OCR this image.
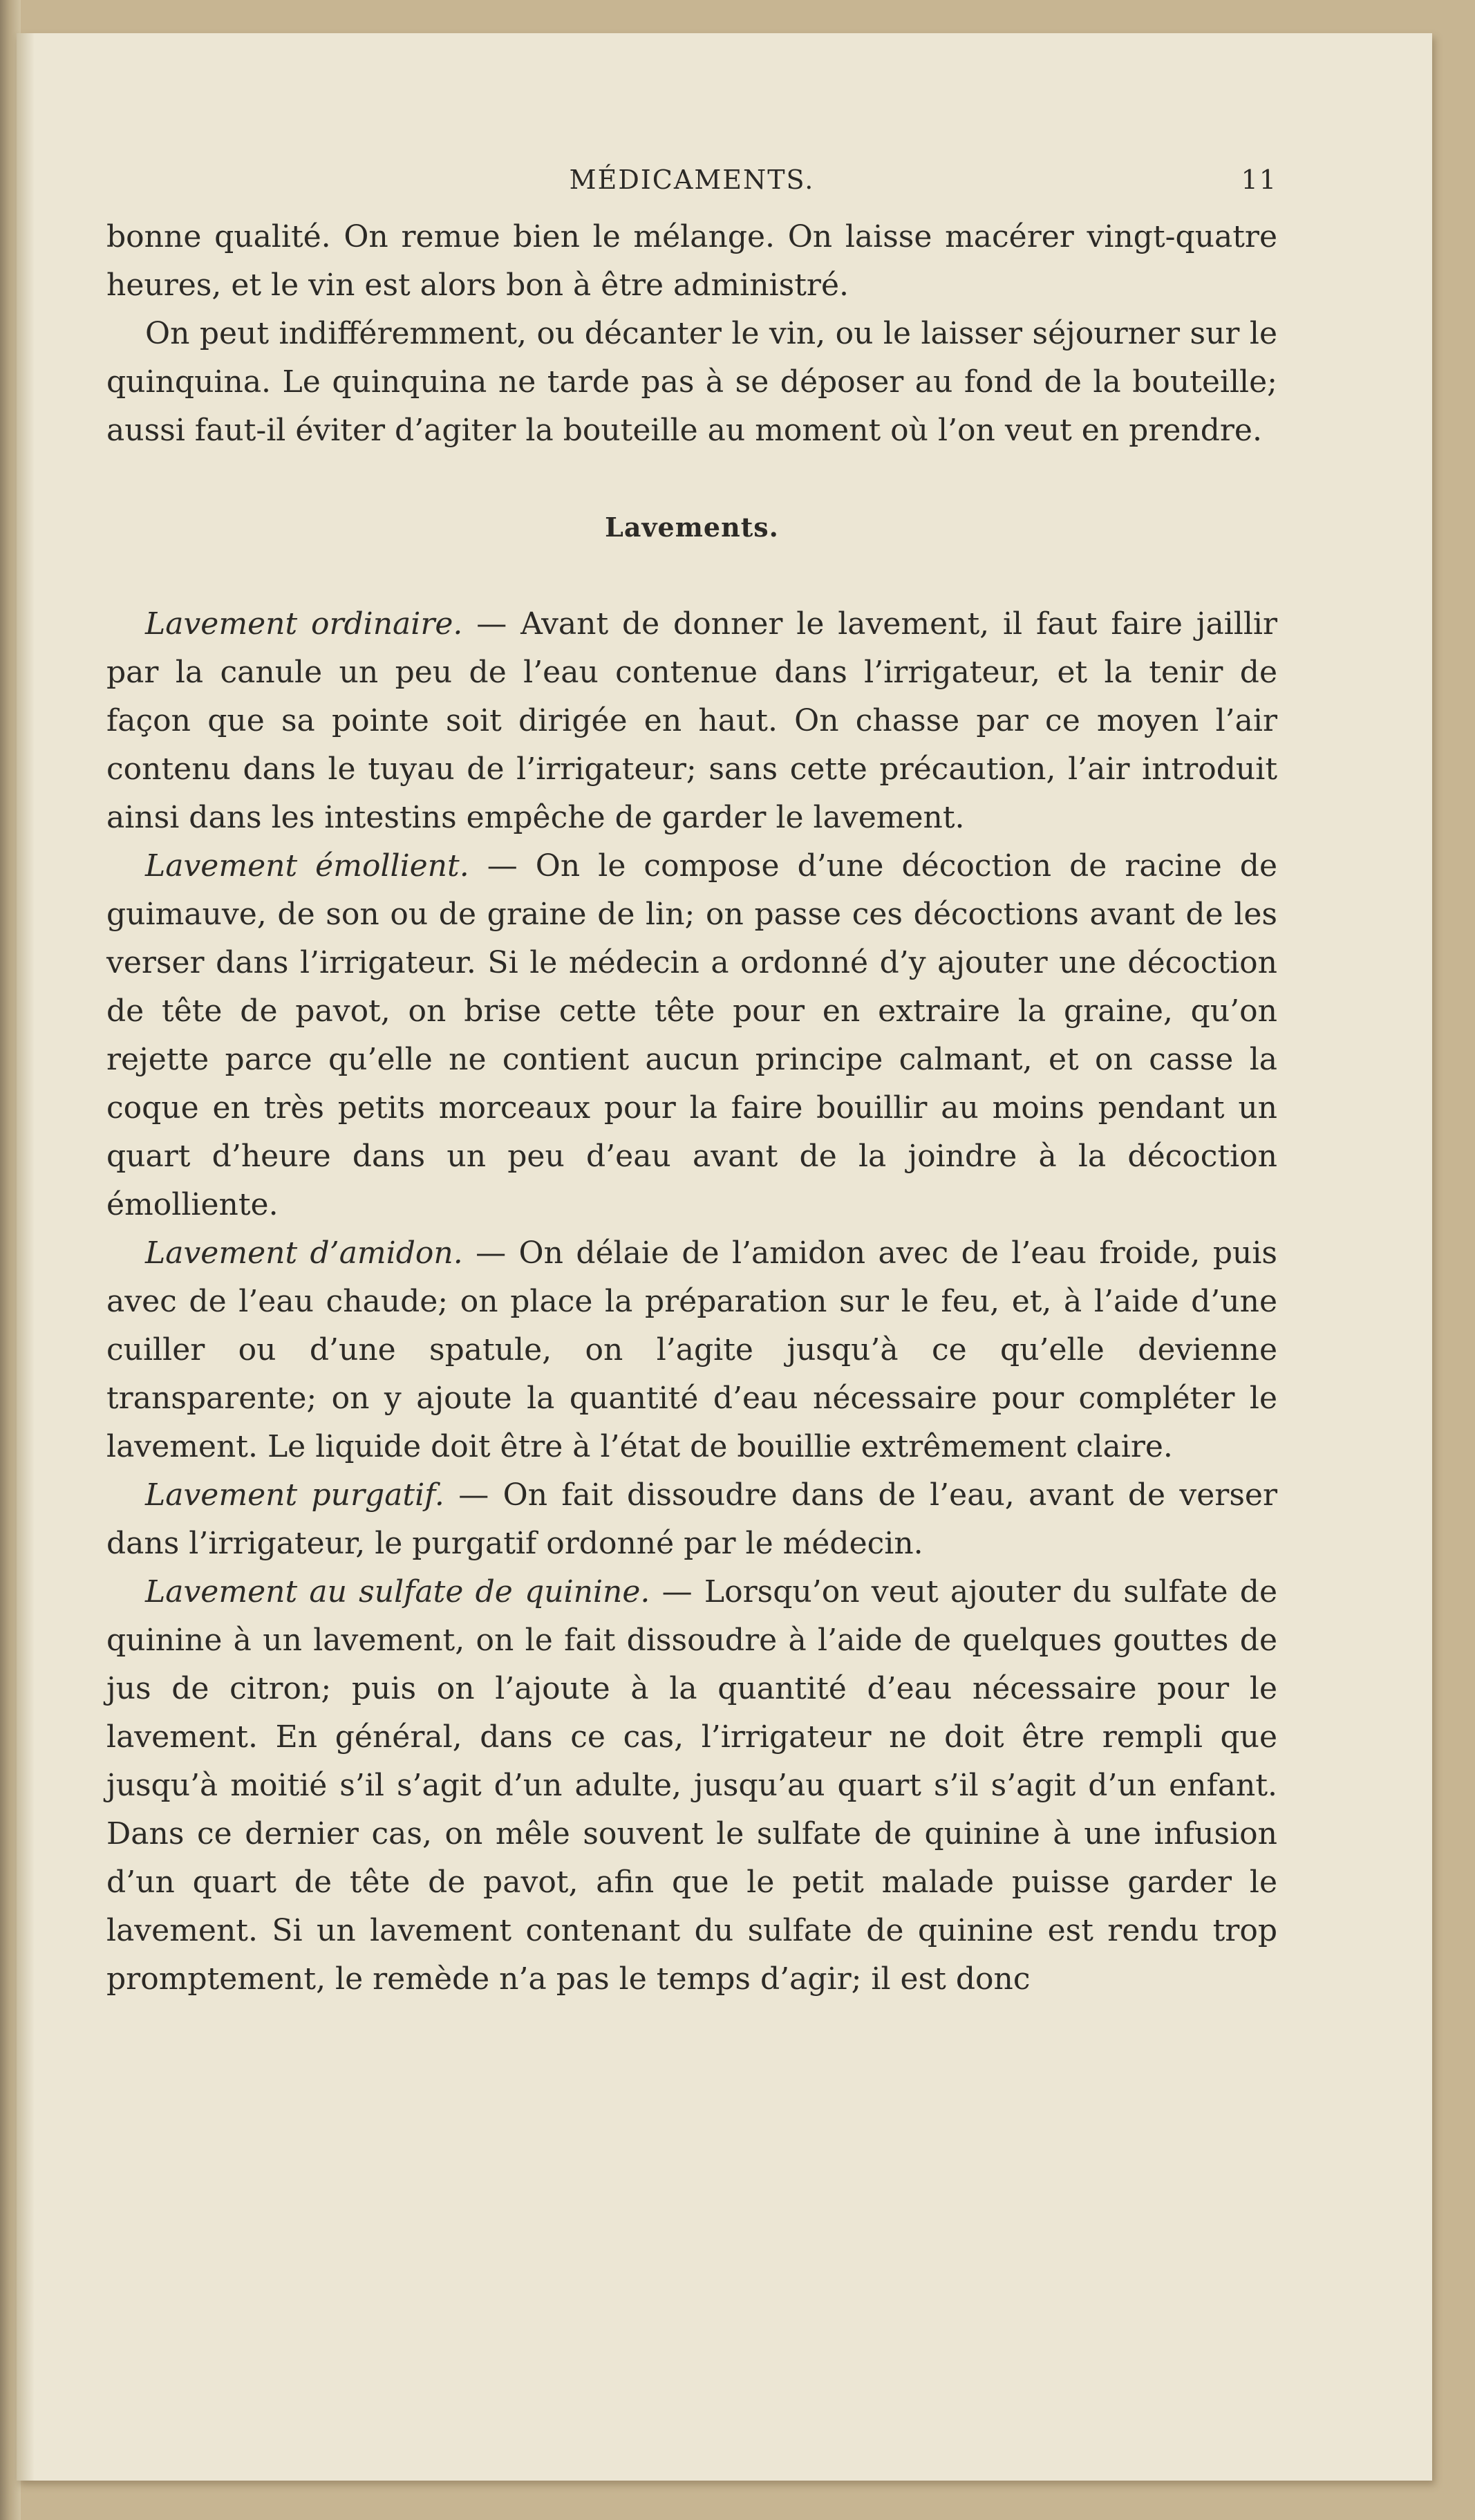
MÉDICAMENTS.	11

bonne qualité. On remue bien le mélange. On laisse macérer vingt-quatre heures, et le vin est alors bon à être administré.

On peut indifféremment, ou décanter le vin, ou le laisser séjourner sur le quinquina. Le quinquina ne tarde pas à se déposer au fond de la bouteille; aussi faut-il éviter d’agiter la bouteille au moment où l’on veut en prendre.

Lavements.

Lavement ordinaire. — Avant de donner le lavement, il faut faire jaillir par la canule un peu de l’eau contenue dans l’irrigateur, et la tenir de façon que sa pointe soit dirigée en haut. On chasse par ce moyen l’air contenu dans le tuyau de l’irrigateur; sans cette précaution, l’air introduit ainsi dans les intestins empêche de garder le lavement.

Lavement émollient. — On le compose d’une décoction de racine de guimauve, de son ou de graine de lin; on passe ces décoctions avant de les verser dans l’irrigateur. Si le médecin a ordonné d’y ajouter une décoction de tête de pavot, on brise cette tête pour en extraire la graine, qu’on rejette parce qu’elle ne contient aucun principe calmant, et on casse la coque en très petits morceaux pour la faire bouillir au moins pendant un quart d’heure dans un peu d’eau avant de la joindre à la décoction émolliente.

Lavement d’amidon. — On délaie de l’amidon avec de l’eau froide, puis avec de l’eau chaude; on place la préparation sur le feu, et, à l’aide d’une cuiller ou d’une spatule, on l’agite jusqu’à ce qu’elle devienne transparente; on y ajoute la quantité d’eau nécessaire pour compléter le lavement. Le liquide doit être à l’état de bouillie extrêmement claire.

Lavement purgatif. — On fait dissoudre dans de l’eau, avant de verser dans l’irrigateur, le purgatif ordonné par le médecin.

Lavement au sulfate de quinine. — Lorsqu’on veut ajouter du sulfate de quinine à un lavement, on le fait dissoudre à l’aide de quelques gouttes de jus de citron; puis on l’ajoute à la quantité d’eau nécessaire pour le lavement. En général, dans ce cas, l’irrigateur ne doit être rempli que jusqu’à moitié s’il s’agit d’un adulte, jusqu’au quart s’il s’agit d’un enfant. Dans ce dernier cas, on mêle souvent le sulfate de quinine à une infusion d’un quart de tête de pavot, afin que le petit malade puisse garder le lavement. Si un lavement contenant du sulfate de quinine est rendu trop promptement, le remède n’a pas le temps d’agir; il est donc
